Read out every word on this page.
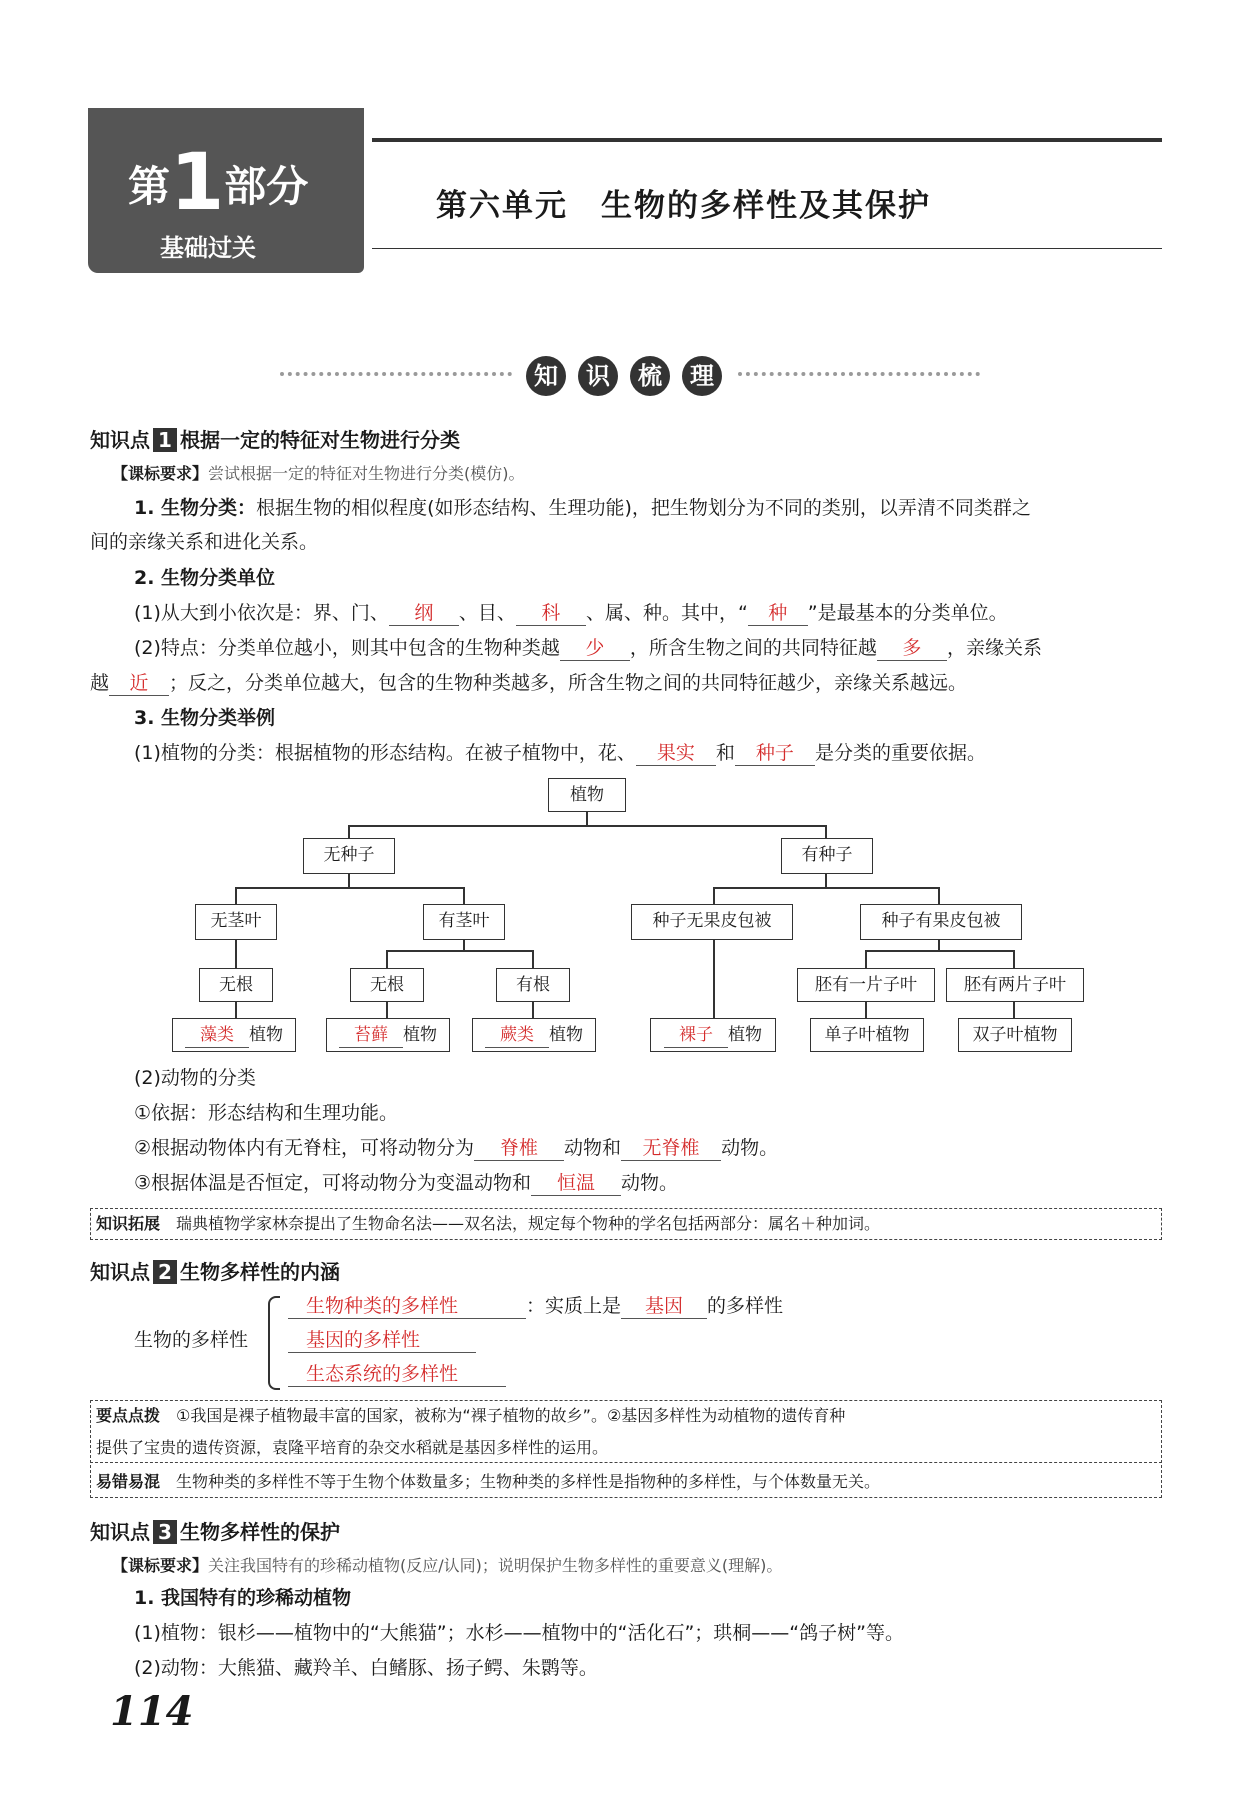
第1部分
基础过关
第六单元　生物的多样性及其保护
知	识	梳	理
知识点 1 根据一定的特征对生物进行分类
【课标要求】尝试根据一定的特征对生物进行分类(模仿)。
1. 生物分类：根据生物的相似程度(如形态结构、生理功能)，把生物划分为不同的类别，以弄清不同类群之
间的亲缘关系和进化关系。
2. 生物分类单位
(1)从大到小依次是：界、门、 纲 、目、 科 、属、种。其中，“ 种 ”是最基本的分类单位。
(2)特点：分类单位越小，则其中包含的生物种类越 少 ，所含生物之间的共同特征越 多 ，亲缘关系
越 近 ；反之，分类单位越大，包含的生物种类越多，所含生物之间的共同特征越少，亲缘关系越远。
3. 生物分类举例
(1)植物的分类：根据植物的形态结构。在被子植物中，花、 果实 和 种子 是分类的重要依据。
植物
无种子	有种子
无茎叶	有茎叶	种子无果皮包被	种子有果皮包被
无根	无根	有根	胚有一片子叶	胚有两片子叶
藻类 植物	苔藓 植物	蕨类 植物	裸子 植物	单子叶植物	双子叶植物
(2)动物的分类
①依据：形态结构和生理功能。
②根据动物体内有无脊柱，可将动物分为 脊椎 动物和 无脊椎 动物。
③根据体温是否恒定，可将动物分为变温动物和 恒温 动物。
知识拓展　 瑞典植物学家林奈提出了生物命名法——双名法，规定每个物种的学名包括两部分：属名＋种加词。
知识点 2 生物多样性的内涵
生物的多样性
生物种类的多样性	：实质上是 基因 的多样性
基因的多样性
生态系统的多样性
要点点拨　 ①我国是裸子植物最丰富的国家，被称为“裸子植物的故乡”。②基因多样性为动植物的遗传育种
提供了宝贵的遗传资源，袁隆平培育的杂交水稻就是基因多样性的运用。
易错易混　 生物种类的多样性不等于生物个体数量多；生物种类的多样性是指物种的多样性，与个体数量无关。
知识点 3 生物多样性的保护
【课标要求】关注我国特有的珍稀动植物(反应/认同)；说明保护生物多样性的重要意义(理解)。
1. 我国特有的珍稀动植物
(1)植物：银杉——植物中的“大熊猫”；水杉——植物中的“活化石”；珙桐——“鸽子树”等。
(2)动物：大熊猫、藏羚羊、白鳍豚、扬子鳄、朱鹮等。
114
